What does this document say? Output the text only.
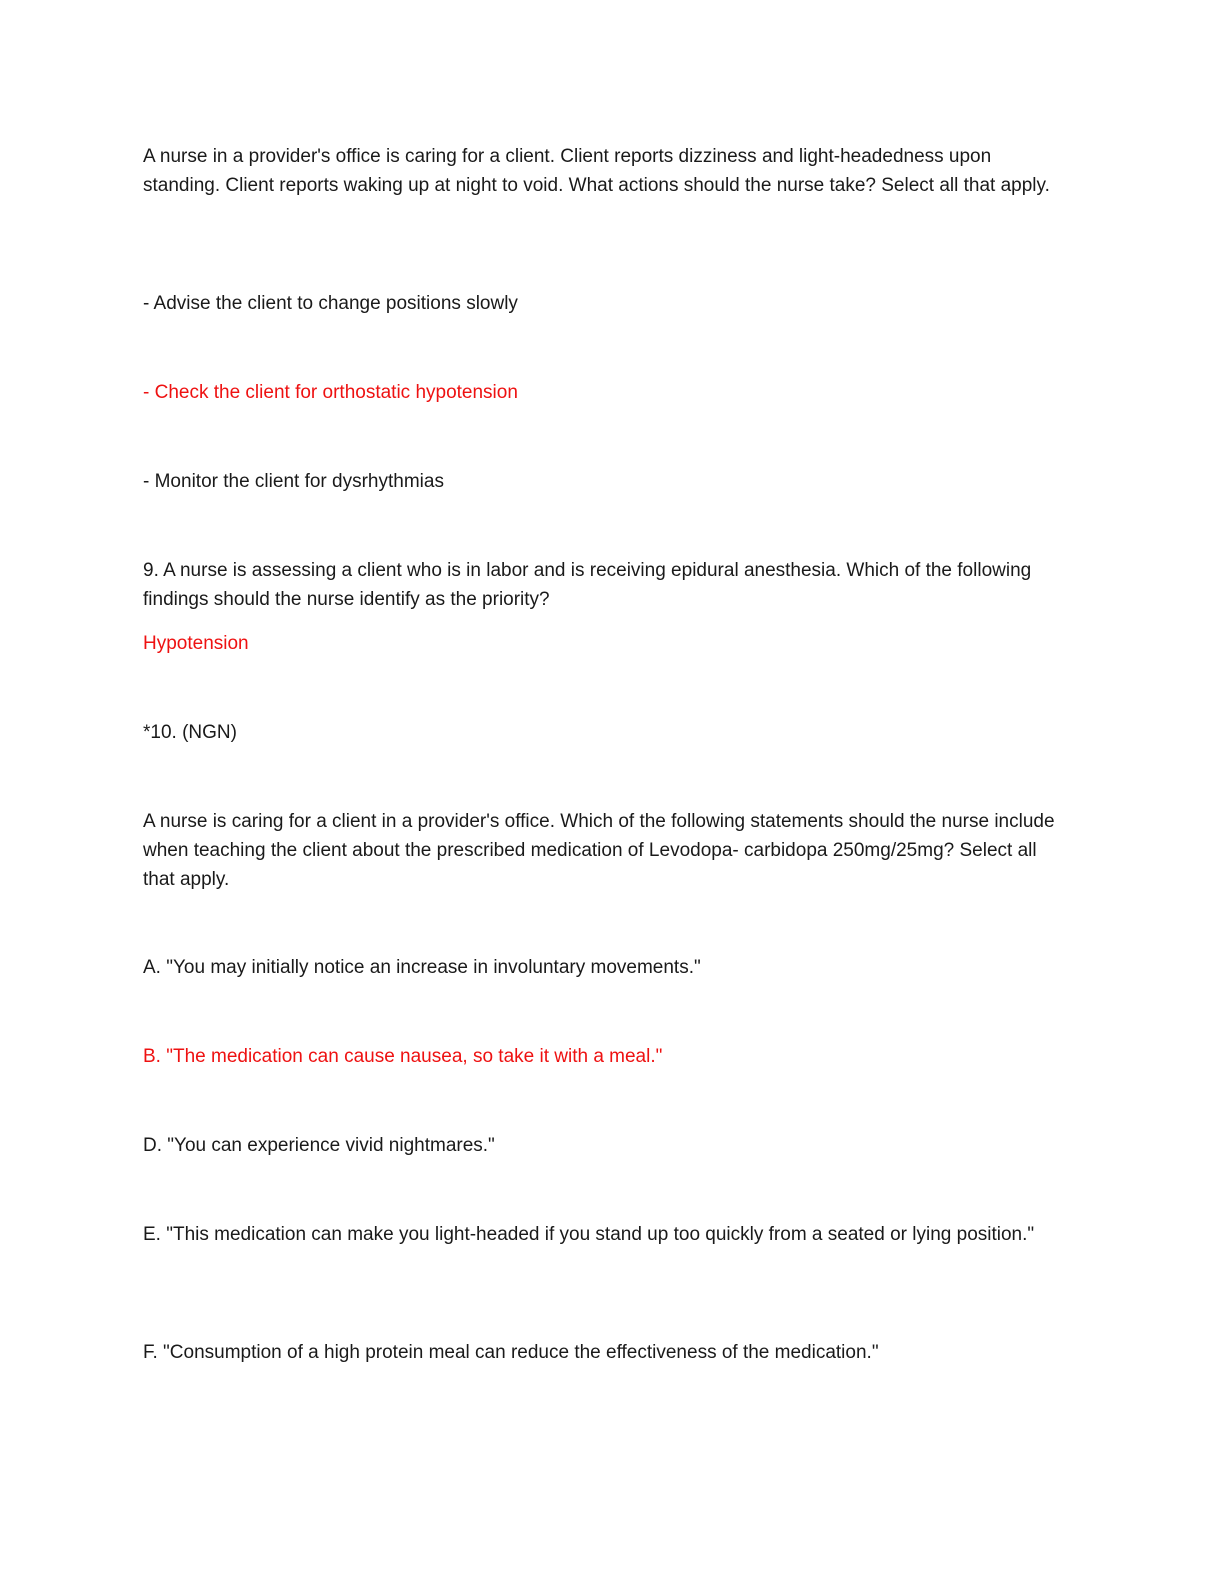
A nurse in a provider's office is caring for a client. Client reports dizziness and light-headedness upon standing. Client reports waking up at night to void. What actions should the nurse take? Select all that apply.

- Advise the client to change positions slowly

- Check the client for orthostatic hypotension

- Monitor the client for dysrhythmias

9. A nurse is assessing a client who is in labor and is receiving epidural anesthesia. Which of the following findings should the nurse identify as the priority?

Hypotension

*10. (NGN)

A nurse is caring for a client in a provider's office. Which of the following statements should the nurse include when teaching the client about the prescribed medication of Levodopa- carbidopa 250mg/25mg? Select all that apply.

A. "You may initially notice an increase in involuntary movements."

B. "The medication can cause nausea, so take it with a meal."

D. "You can experience vivid nightmares."

E. "This medication can make you light-headed if you stand up too quickly from a seated or lying position."

F. "Consumption of a high protein meal can reduce the effectiveness of the medication."
